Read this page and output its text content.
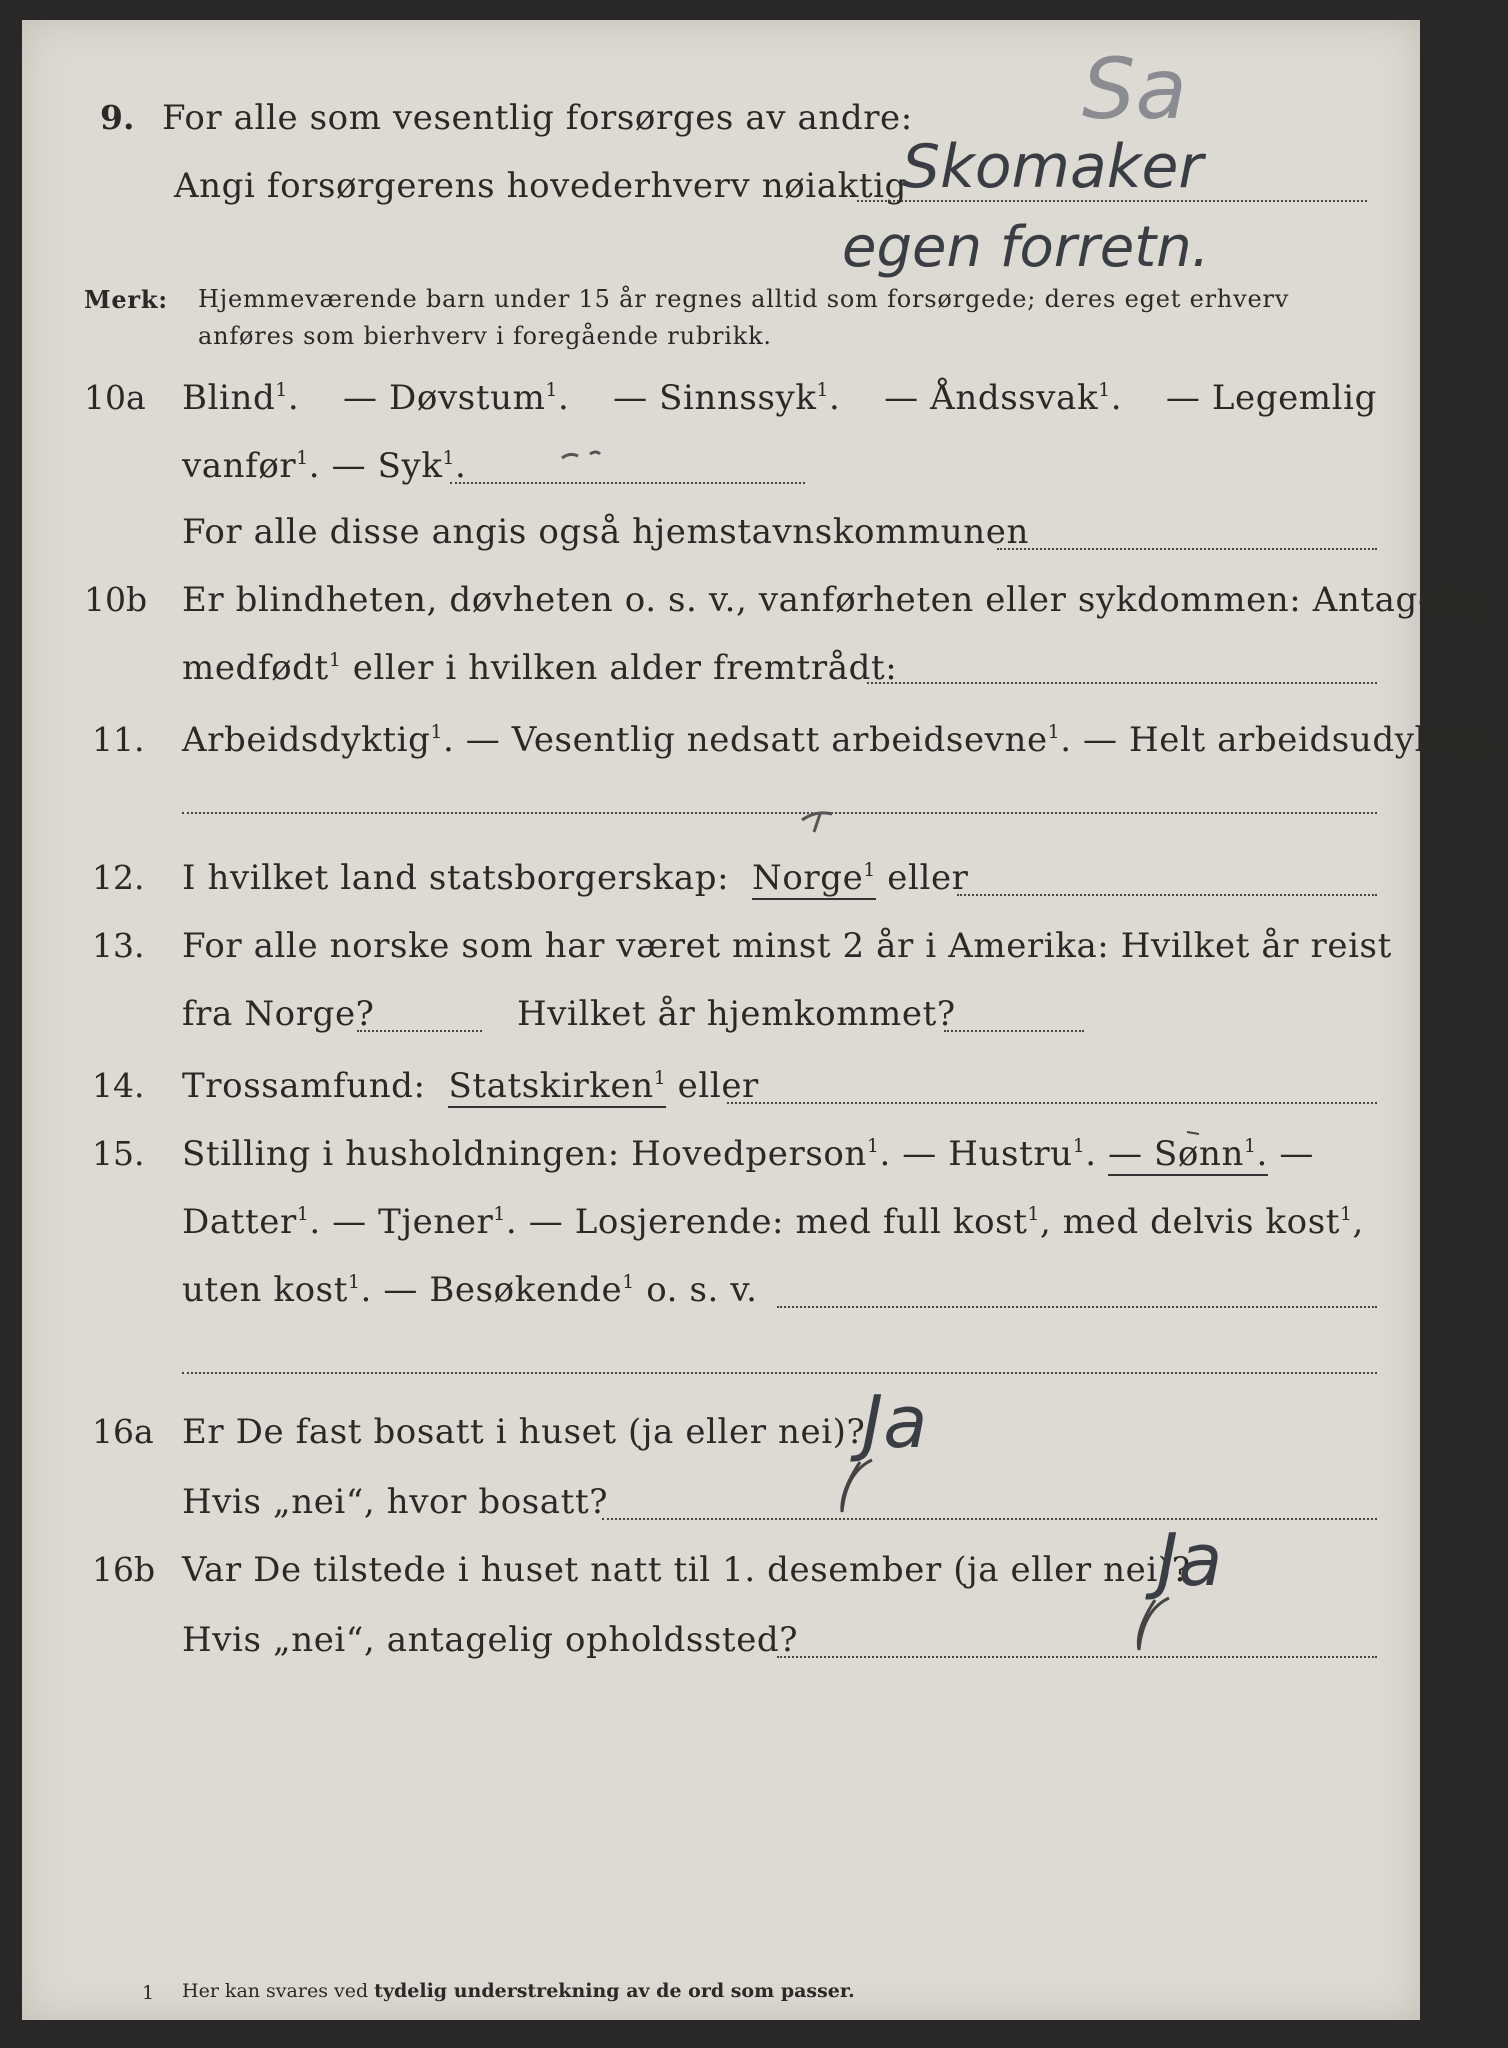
Sa
9. For alle som vesentlig forsørges av andre:
Angi forsørgerens hovederhverv nøiaktig
Skomaker
egen forretn.
Merk: Hjemmeværende barn under 15 år regnes alltid som forsørgede; deres eget erhverv
anføres som bierhverv i foregående rubrikk.
10a Blind$^1$. — Døvstum$^1$. — Sinnssyk$^1$. — Åndssvak$^1$. — Legemlig
vanfør$^1$. — Syk$^1$.
For alle disse angis også hjemstavnskommunen
10b Er blindheten, døvheten o. s. v., vanførheten eller sykdommen: Antagelig
medfødt$^1$ eller i hvilken alder fremtrådt:
11. Arbeidsdyktig$^1$. — Vesentlig nedsatt arbeidsevne$^1$. — Helt arbeidsudyktig$^1$.
12. I hvilket land statsborgerskap: Norge$^1$ eller
13. For alle norske som har været minst 2 år i Amerika: Hvilket år reist
fra Norge?	Hvilket år hjemkommet?
14. Trossamfund: Statskirken$^1$ eller
15. Stilling i husholdningen: Hovedperson$^1$. — Hustru$^1$. — Sønn$^1$. —
Datter$^1$. — Tjener$^1$. — Losjerende: med full kost$^1$, med delvis kost$^1$,
uten kost$^1$. — Besøkende$^1$ o. s. v.
16a Er De fast bosatt i huset (ja eller nei)?
Ja
Hvis „nei“, hvor bosatt?
16b Var De tilstede i huset natt til 1. desember (ja eller nei)?
Ja
Hvis „nei“, antagelig opholdssted?
1 Her kan svares ved tydelig understrekning av de ord som passer.
